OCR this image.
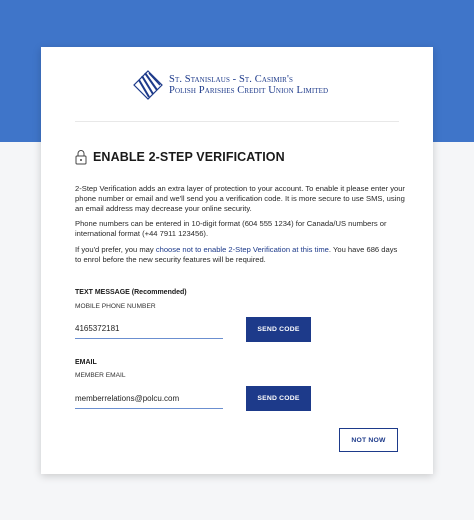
St. Stanislaus - St. Casimir's
Polish Parishes Credit Union Limited
ENABLE 2-STEP VERIFICATION

2-Step Verification adds an extra layer of protection to your account. To enable it please enter your phone number or email and we'll send you a verification code. It is more secure to use SMS, using an email address may decrease your online security.

Phone numbers can be entered in 10-digit format (604 555 1234) for Canada/US numbers or international format (+44 7911 123456).

If you'd prefer, you may choose not to enable 2-Step Verification at this time. You have 686 days to enrol before the new security features will be required.

TEXT MESSAGE (Recommended)
MOBILE PHONE NUMBER
4165372181
SEND CODE
EMAIL
MEMBER EMAIL
memberrelations@polcu.com
SEND CODE
NOT NOW
